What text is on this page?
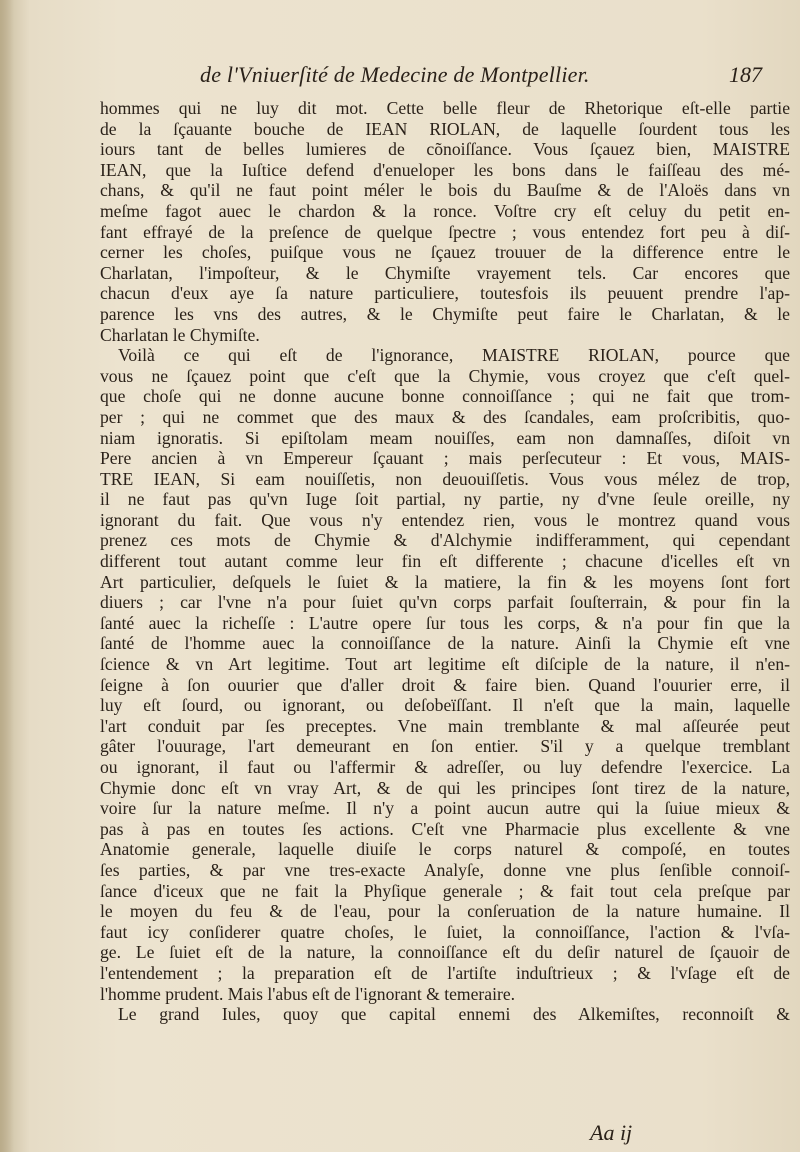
de l'Vniuerſité de Medecine de Montpellier.	187
hommes qui ne luy dit mot. Cette belle fleur de Rhetorique eſt-elle partie
de la ſçauante bouche de IEAN RIOLAN, de laquelle ſourdent tous les
iours tant de belles lumieres de cõnoiſſance. Vous ſçauez bien, MAISTRE
IEAN, que la Iuſtice defend d'enueloper les bons dans le faiſſeau des mé-
chans, & qu'il ne faut point méler le bois du Bauſme & de l'Aloës dans vn
meſme fagot auec le chardon & la ronce. Voſtre cry eſt celuy du petit en-
fant effrayé de la preſence de quelque ſpectre ; vous entendez fort peu à diſ-
cerner les choſes, puiſque vous ne ſçauez trouuer de la difference entre le
Charlatan, l'impoſteur, & le Chymiſte vrayement tels. Car encores que
chacun d'eux aye ſa nature particuliere, toutesfois ils peuuent prendre l'ap-
parence les vns des autres, & le Chymiſte peut faire le Charlatan, & le
Charlatan le Chymiſte.
Voilà ce qui eſt de l'ignorance, MAISTRE RIOLAN, pource que
vous ne ſçauez point que c'eſt que la Chymie, vous croyez que c'eſt quel-
que choſe qui ne donne aucune bonne connoiſſance ; qui ne fait que trom-
per ; qui ne commet que des maux & des ſcandales, eam proſcribitis, quo-
niam ignoratis. Si epiſtolam meam nouiſſes, eam non damnaſſes, diſoit vn
Pere ancien à vn Empereur ſçauant ; mais perſecuteur : Et vous, MAIS-
TRE IEAN, Si eam nouiſſetis, non deuouiſſetis. Vous vous mélez de trop,
il ne faut pas qu'vn Iuge ſoit partial, ny partie, ny d'vne ſeule oreille, ny
ignorant du fait. Que vous n'y entendez rien, vous le montrez quand vous
prenez ces mots de Chymie & d'Alchymie indifferamment, qui cependant
different tout autant comme leur fin eſt differente ; chacune d'icelles eſt vn
Art particulier, deſquels le ſuiet & la matiere, la fin & les moyens ſont fort
diuers ; car l'vne n'a pour ſuiet qu'vn corps parfait ſouſterrain, & pour fin la
ſanté auec la richeſſe : L'autre opere ſur tous les corps, & n'a pour fin que la
ſanté de l'homme auec la connoiſſance de la nature. Ainſi la Chymie eſt vne
ſcience & vn Art legitime. Tout art legitime eſt diſciple de la nature, il n'en-
ſeigne à ſon ouurier que d'aller droit & faire bien. Quand l'ouurier erre, il
luy eſt ſourd, ou ignorant, ou deſobeïſſant. Il n'eſt que la main, laquelle
l'art conduit par ſes preceptes. Vne main tremblante & mal aſſeurée peut
gâter l'ouurage, l'art demeurant en ſon entier. S'il y a quelque tremblant
ou ignorant, il faut ou l'affermir & adreſſer, ou luy defendre l'exercice. La
Chymie donc eſt vn vray Art, & de qui les principes ſont tirez de la nature,
voire ſur la nature meſme. Il n'y a point aucun autre qui la ſuiue mieux &
pas à pas en toutes ſes actions. C'eſt vne Pharmacie plus excellente & vne
Anatomie generale, laquelle diuiſe le corps naturel & compoſé, en toutes
ſes parties, & par vne tres-exacte Analyſe, donne vne plus ſenſible connoiſ-
ſance d'iceux que ne fait la Phyſique generale ; & fait tout cela preſque par
le moyen du feu & de l'eau, pour la conſeruation de la nature humaine. Il
faut icy conſiderer quatre choſes, le ſuiet, la connoiſſance, l'action & l'vſa-
ge. Le ſuiet eſt de la nature, la connoiſſance eſt du deſir naturel de ſçauoir de
l'entendement ; la preparation eſt de l'artiſte induſtrieux ; & l'vſage eſt de
l'homme prudent. Mais l'abus eſt de l'ignorant & temeraire.
Le grand Iules, quoy que capital ennemi des Alkemiſtes, reconnoiſt &
Aa ij
